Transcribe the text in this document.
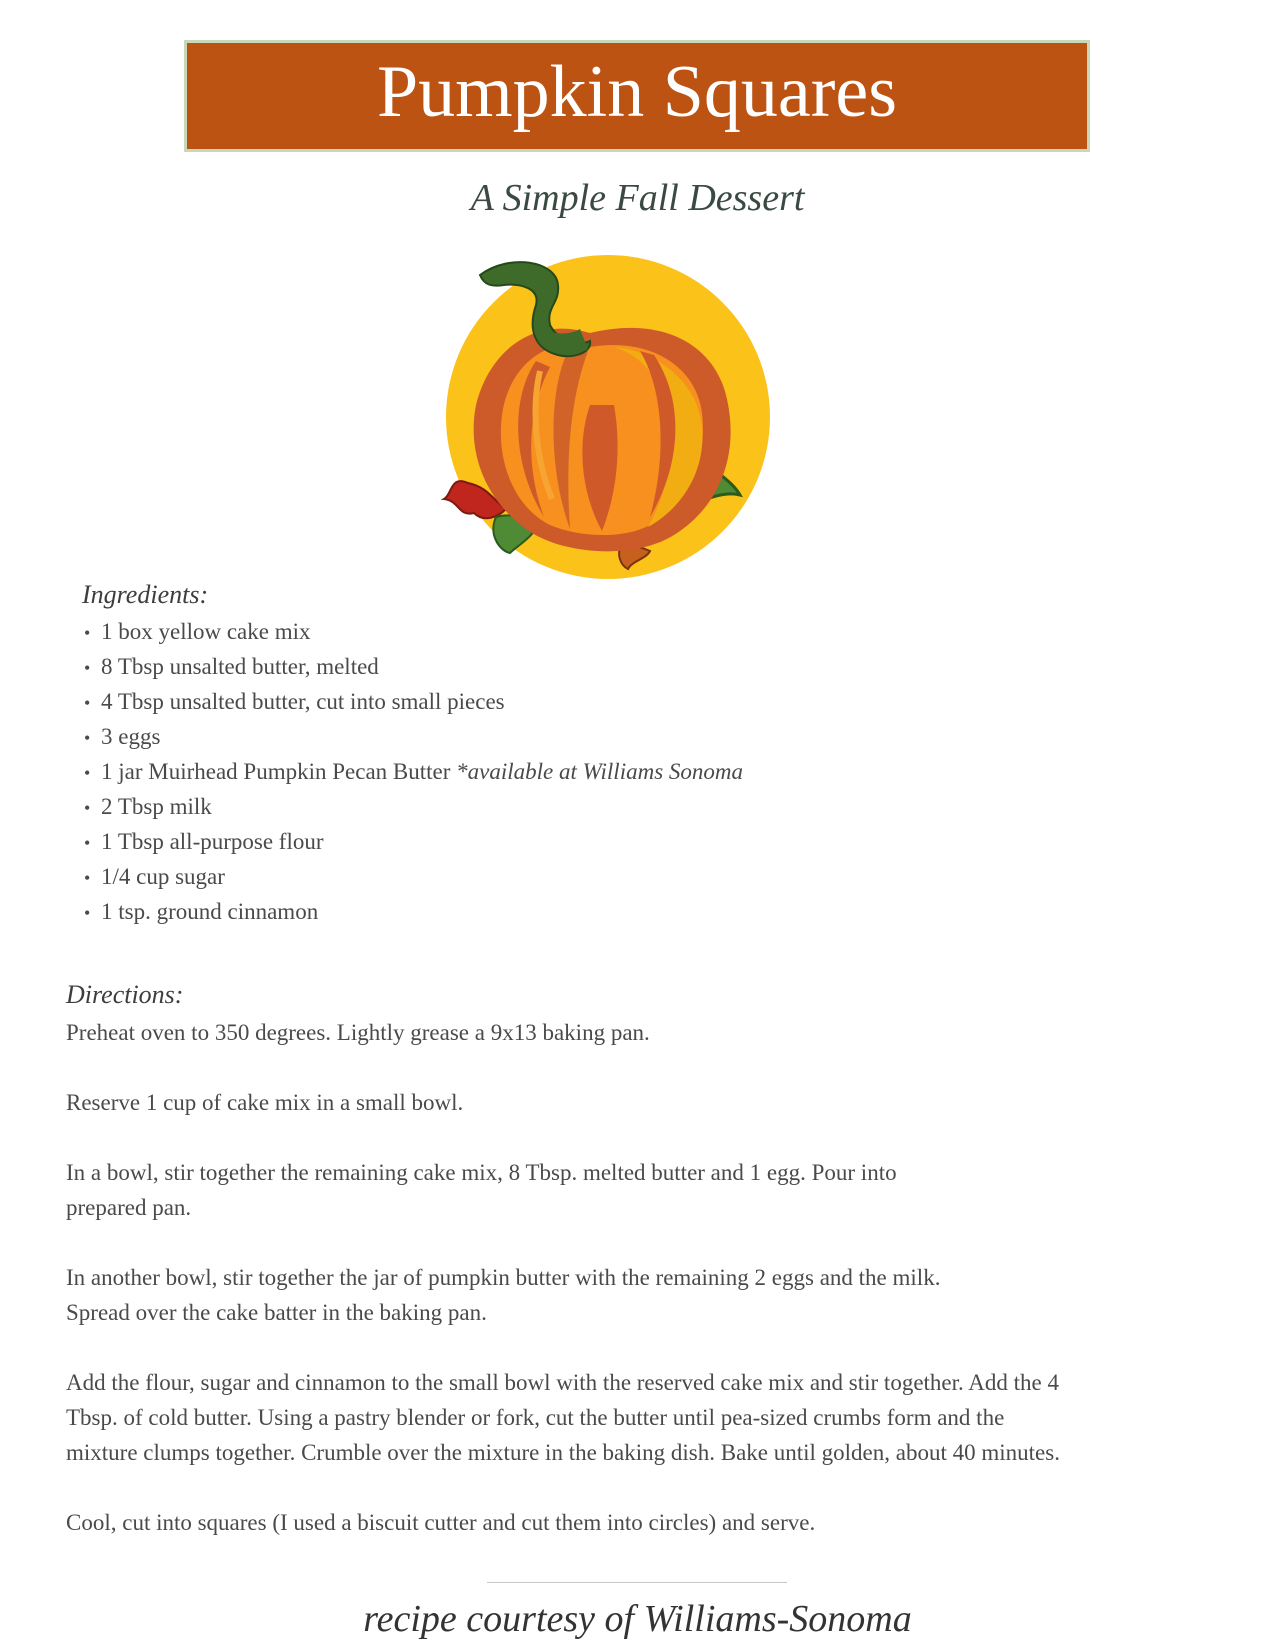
Pumpkin Squares
A Simple Fall Dessert
Ingredients:
• 1 box yellow cake mix
• 8 Tbsp unsalted butter, melted
• 4 Tbsp unsalted butter, cut into small pieces
• 3 eggs
• 1 jar Muirhead Pumpkin Pecan Butter *available at Williams Sonoma
• 2 Tbsp milk
• 1 Tbsp all-purpose flour
• 1/4 cup sugar
• 1 tsp. ground cinnamon
Directions:

Preheat oven to 350 degrees. Lightly grease a 9x13 baking pan.

Reserve 1 cup of cake mix in a small bowl.

In a bowl, stir together the remaining cake mix, 8 Tbsp. melted butter and 1 egg. Pour into

prepared pan.

In another bowl, stir together the jar of pumpkin butter with the remaining 2 eggs and the milk.

Spread over the cake batter in the baking pan.

Add the flour, sugar and cinnamon to the small bowl with the reserved cake mix and stir together. Add the 4

Tbsp. of cold butter. Using a pastry blender or fork, cut the butter until pea-sized crumbs form and the

mixture clumps together. Crumble over the mixture in the baking dish. Bake until golden, about 40 minutes.

Cool, cut into squares (I used a biscuit cutter and cut them into circles) and serve.

recipe courtesy of Williams-Sonoma
